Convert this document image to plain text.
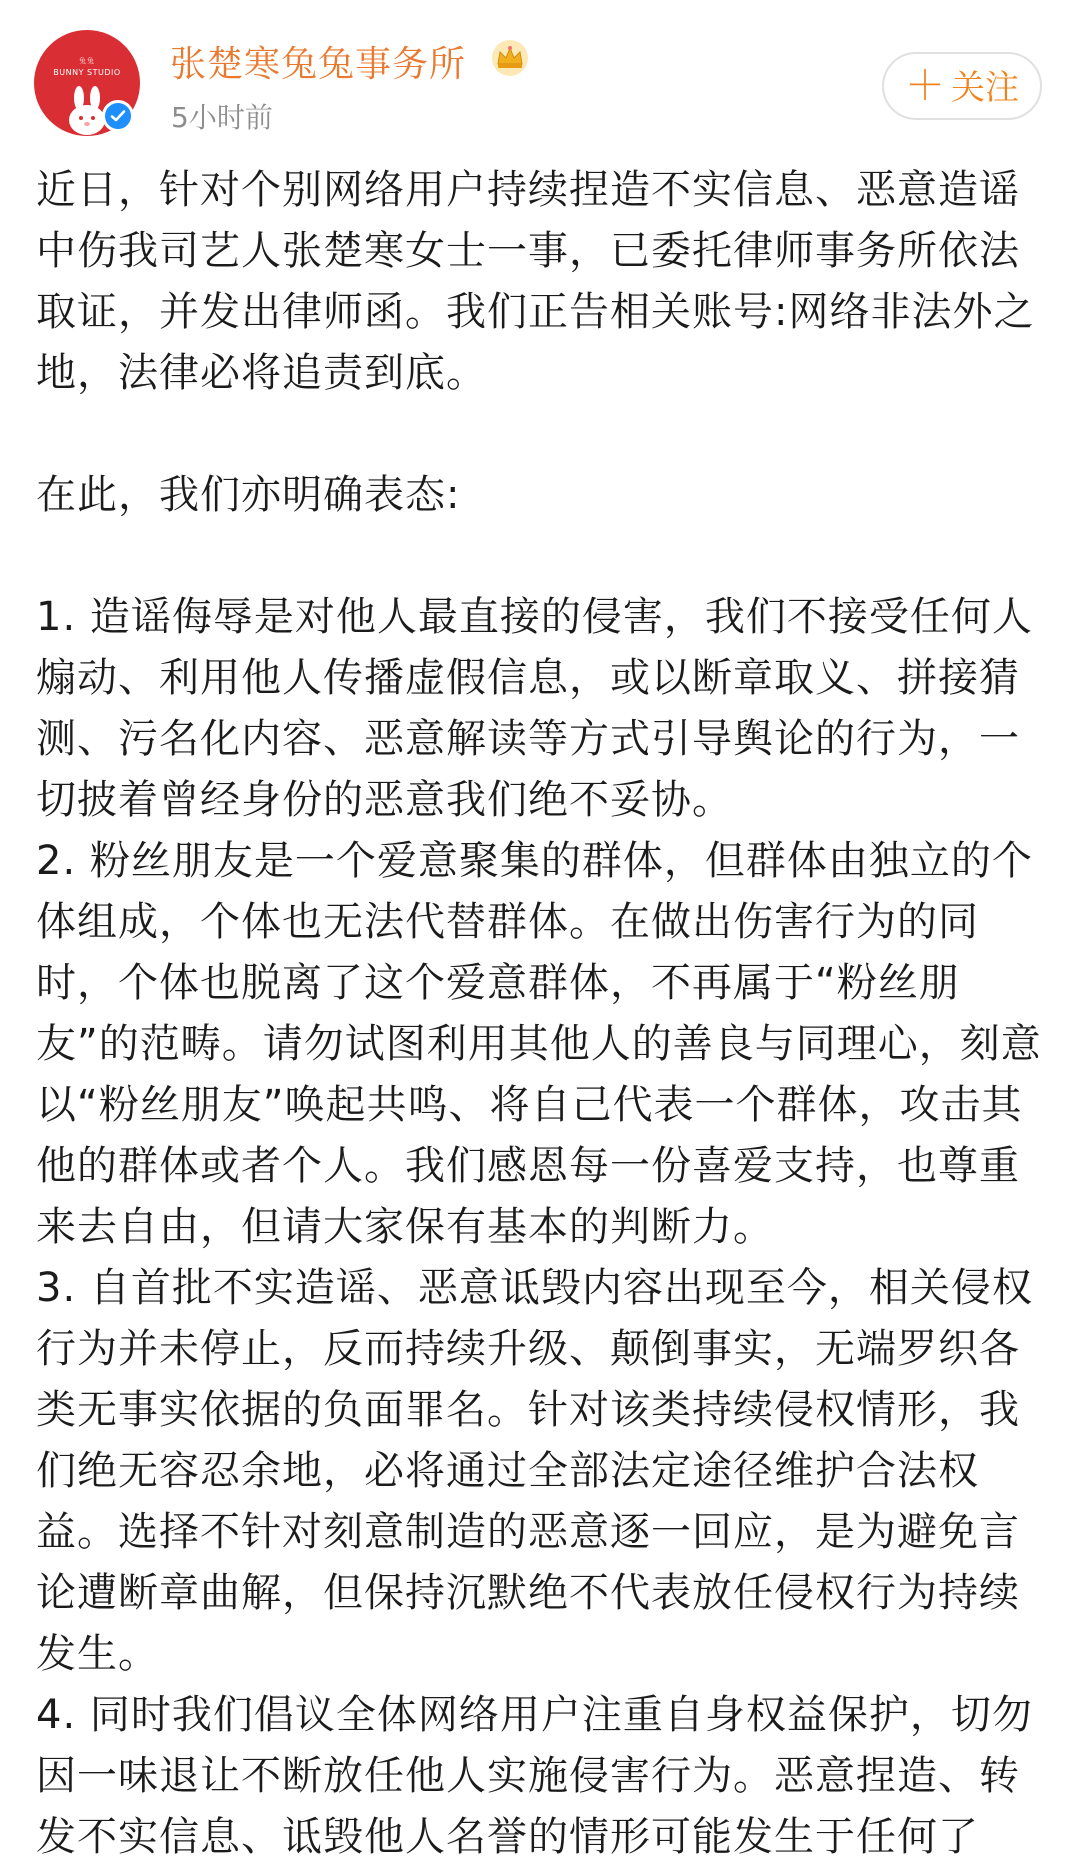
兔兔
BUNNY STUDIO	张楚寒兔兔事务所
5小时前
＋ 关注

近日，针对个别网络用户持续捏造不实信息、恶意造谣中伤我司艺人张楚寒女士一事，已委托律师事务所依法取证，并发出律师函。我们正告相关账号:网络非法外之地，法律必将追责到底。

在此，我们亦明确表态:

1. 造谣侮辱是对他人最直接的侵害，我们不接受任何人煽动、利用他人传播虚假信息，或以断章取义、拼接猜测、污名化内容、恶意解读等方式引导舆论的行为，一切披着曾经身份的恶意我们绝不妥协。

2. 粉丝朋友是一个爱意聚集的群体，但群体由独立的个体组成，个体也无法代替群体。在做出伤害行为的同时，个体也脱离了这个爱意群体，不再属于“粉丝朋友”的范畴。请勿试图利用其他人的善良与同理心，刻意以“粉丝朋友”唤起共鸣、将自己代表一个群体，攻击其他的群体或者个人。我们感恩每一份喜爱支持，也尊重来去自由，但请大家保有基本的判断力。

3. 自首批不实造谣、恶意诋毁内容出现至今，相关侵权行为并未停止，反而持续升级、颠倒事实，无端罗织各类无事实依据的负面罪名。针对该类持续侵权情形，我们绝无容忍余地，必将通过全部法定途径维护合法权益。选择不针对刻意制造的恶意逐一回应，是为避免言论遭断章曲解，但保持沉默绝不代表放任侵权行为持续发生。

4. 同时我们倡议全体网络用户注重自身权益保护，切勿因一味退让不断放任他人实施侵害行为。恶意捏造、转发不实信息、诋毁他人名誉的情形可能发生于任何了
